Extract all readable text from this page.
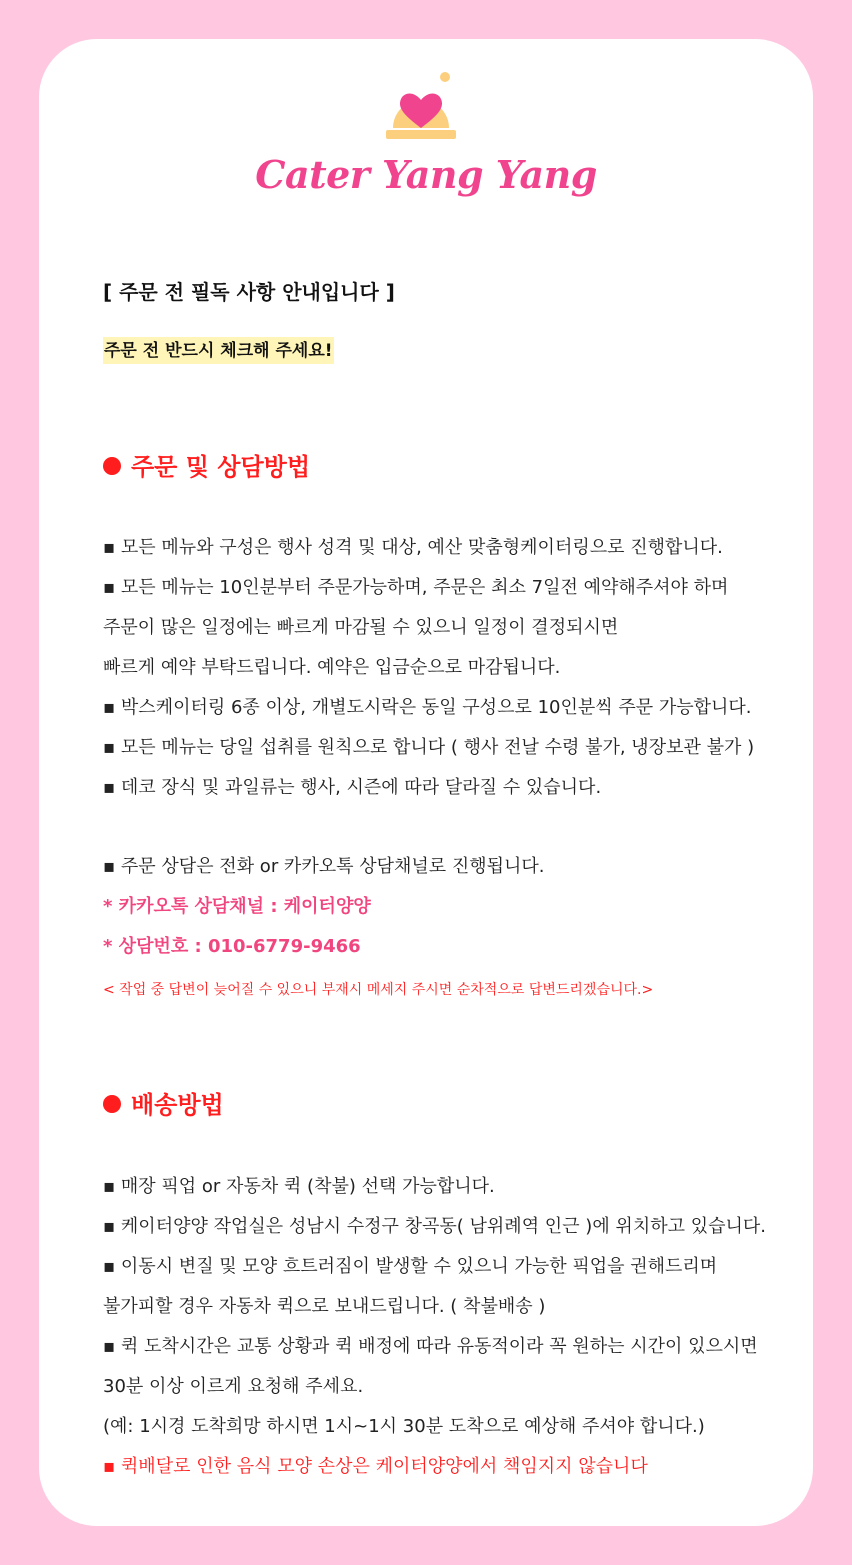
Cater Yang Yang
[ 주문 전 필독 사항 안내입니다 ]
주문 전 반드시 체크해 주세요!
주문 및 상담방법
▪ 모든 메뉴와 구성은 행사 성격 및 대상, 예산 맞춤형케이터링으로 진행합니다.
▪ 모든 메뉴는 10인분부터 주문가능하며, 주문은 최소 7일전 예약해주셔야 하며
주문이 많은 일정에는 빠르게 마감될 수 있으니 일정이 결정되시면
빠르게 예약 부탁드립니다. 예약은 입금순으로 마감됩니다.
▪ 박스케이터링 6종 이상, 개별도시락은 동일 구성으로 10인분씩 주문 가능합니다.
▪ 모든 메뉴는 당일 섭취를 원칙으로 합니다 ( 행사 전날 수령 불가, 냉장보관 불가 )
▪ 데코 장식 및 과일류는 행사, 시즌에 따라 달라질 수 있습니다.
▪ 주문 상담은 전화 or 카카오톡 상담채널로 진행됩니다.
* 카카오톡 상담채널 : 케이터양양
* 상담번호 : 010-6779-9466
< 작업 중 답변이 늦어질 수 있으니 부재시 메세지 주시면 순차적으로 답변드리겠습니다.>
배송방법
▪ 매장 픽업 or 자동차 퀵 (착불) 선택 가능합니다.
▪ 케이터양양 작업실은 성남시 수정구 창곡동( 남위례역 인근 )에 위치하고 있습니다.
▪ 이동시 변질 및 모양 흐트러짐이 발생할 수 있으니 가능한 픽업을 권해드리며
불가피할 경우 자동차 퀵으로 보내드립니다. ( 착불배송 )
▪ 퀵 도착시간은 교통 상황과 퀵 배정에 따라 유동적이라 꼭 원하는 시간이 있으시면
30분 이상 이르게 요청해 주세요.
(예: 1시경 도착희망 하시면 1시~1시 30분 도착으로 예상해 주셔야 합니다.)
▪ 퀵배달로 인한 음식 모양 손상은 케이터양양에서 책임지지 않습니다
